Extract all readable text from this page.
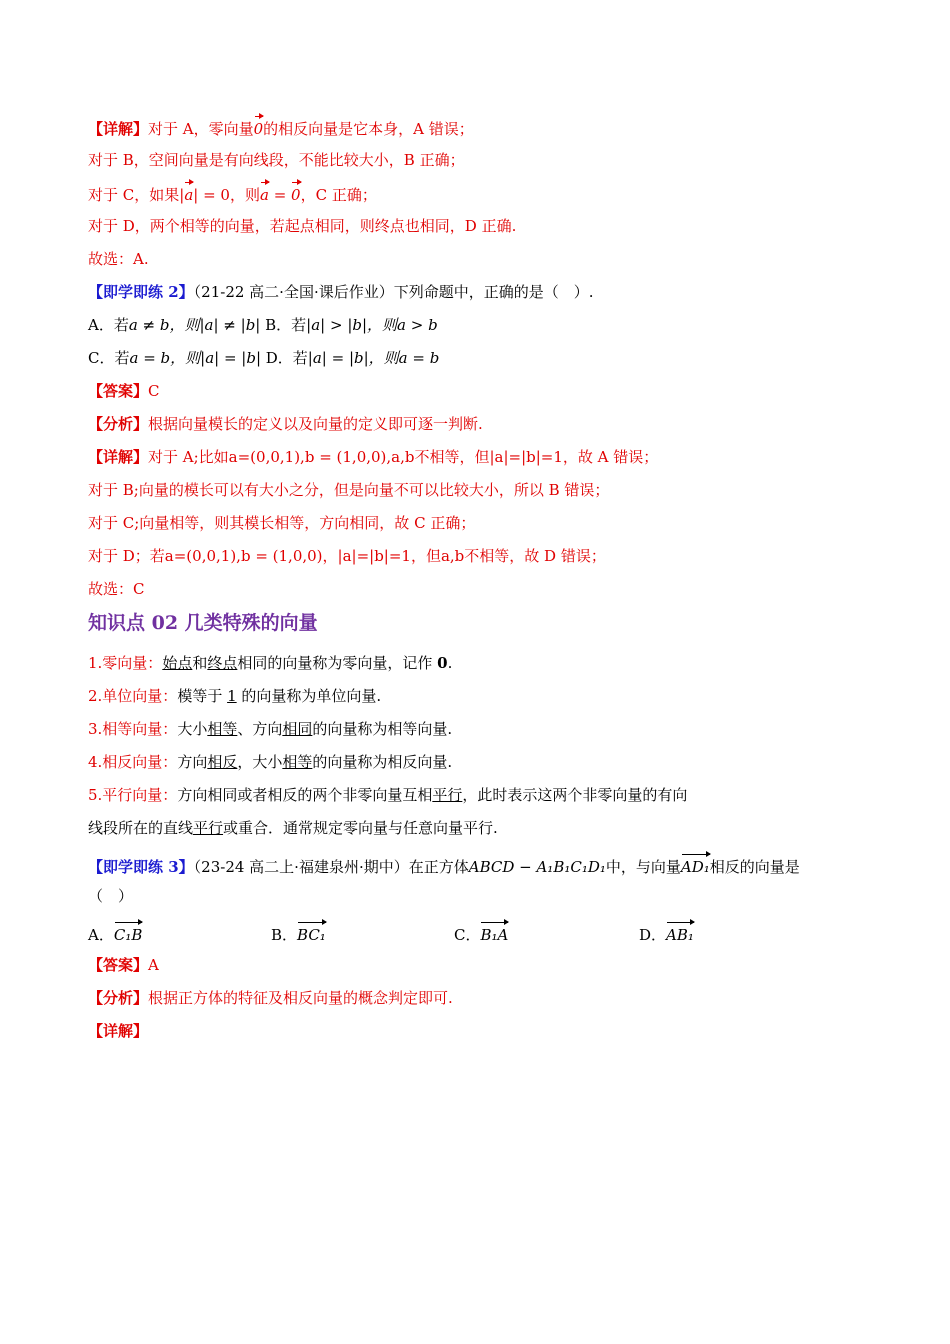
【详解】对于 A，零向量0的相反向量是它本身，A 错误；
对于 B，空间向量是有向线段，不能比较大小，B 正确；
对于 C，如果|a| = 0，则a = 0，C 正确；
对于 D，两个相等的向量，若起点相同，则终点也相同，D 正确.
故选：A.
【即学即练 2】（21-22 高二·全国·课后作业）下列命题中，正确的是（　）.
A．若a ≠ b，则|a| ≠ |b| B．若|a| > |b|，则a > b
C．若a = b，则|a| = |b| D．若|a| = |b|，则a = b
【答案】C
【分析】根据向量模长的定义以及向量的定义即可逐一判断.
【详解】对于 A;比如a=(0,0,1),b = (1,0,0),a,b不相等，但|a|=|b|=1，故 A 错误；
对于 B;向量的模长可以有大小之分，但是向量不可以比较大小，所以 B 错误；
对于 C;向量相等，则其模长相等，方向相同，故 C 正确；
对于 D；若a=(0,0,1),b = (1,0,0)，|a|=|b|=1，但a,b不相等，故 D 错误；
故选：C
知识点 02 几类特殊的向量
1.零向量：始点和终点相同的向量称为零向量，记作 0.
2.单位向量：模等于 1 的向量称为单位向量.
3.相等向量：大小相等、方向相同的向量称为相等向量.
4.相反向量：方向相反，大小相等的向量称为相反向量.
5.平行向量：方向相同或者相反的两个非零向量互相平行，此时表示这两个非零向量的有向
线段所在的直线平行或重合．通常规定零向量与任意向量平行.
【即学即练 3】（23-24 高二上·福建泉州·期中）在正方体ABCD − A₁B₁C₁D₁中，与向量AD₁相反的向量是
（　）
A．C₁B	B．BC₁	C．B₁A	D．AB₁
【答案】A
【分析】根据正方体的特征及相反向量的概念判定即可.
【详解】
